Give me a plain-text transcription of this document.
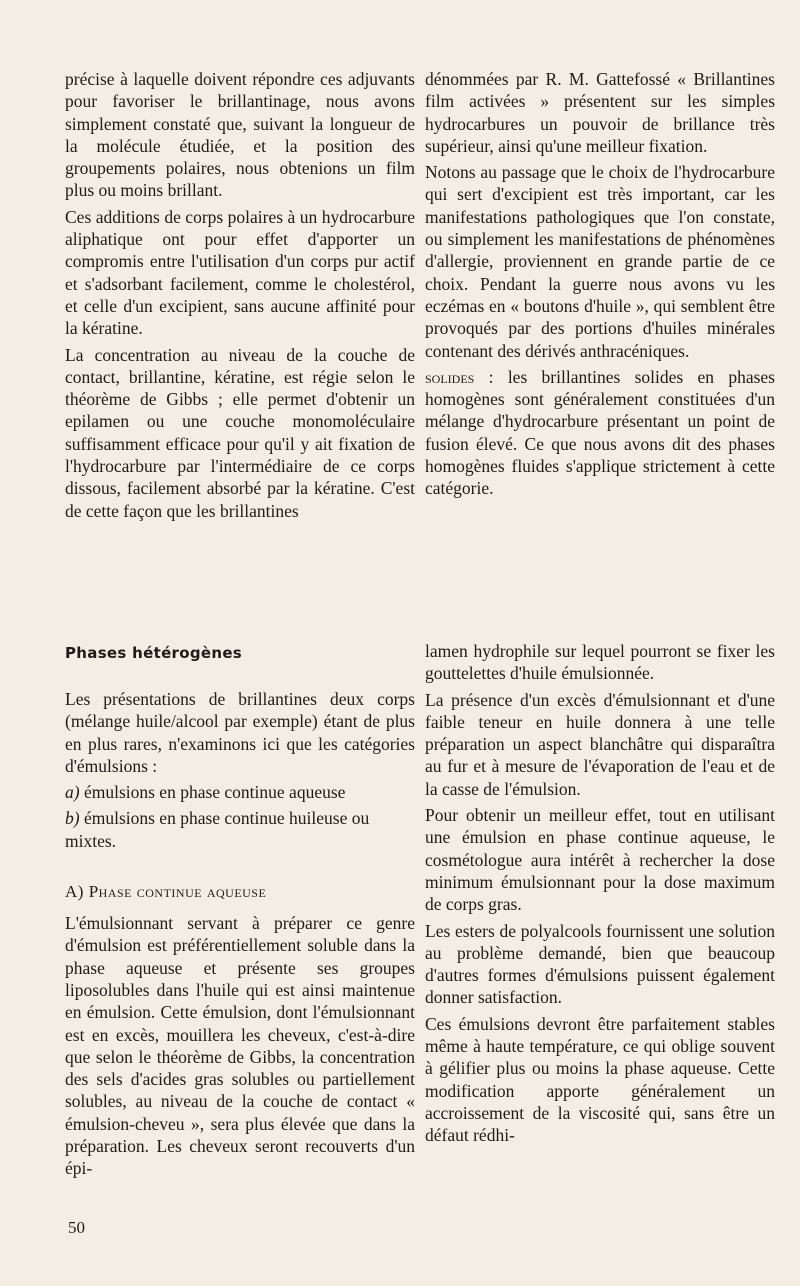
précise à laquelle doivent répondre ces adjuvants pour favoriser le brillantinage, nous avons simplement constaté que, suivant la longueur de la molécule étudiée, et la position des groupements polaires, nous obtenions un film plus ou moins brillant.

Ces additions de corps polaires à un hydrocarbure aliphatique ont pour effet d'apporter un compromis entre l'utilisation d'un corps pur actif et s'adsorbant facilement, comme le cholestérol, et celle d'un excipient, sans aucune affinité pour la kératine.

La concentration au niveau de la couche de contact, brillantine, kératine, est régie selon le théorème de Gibbs ; elle permet d'obtenir un epilamen ou une couche monomoléculaire suffisamment efficace pour qu'il y ait fixation de l'hydrocarbure par l'intermédiaire de ce corps dissous, facilement absorbé par la kératine. C'est de cette façon que les brillantines

dénommées par R. M. Gattefossé « Brillantines film activées » présentent sur les simples hydrocarbures un pouvoir de brillance très supérieur, ainsi qu'une meilleur fixation.

Notons au passage que le choix de l'hydrocarbure qui sert d'excipient est très important, car les manifestations pathologiques que l'on constate, ou simplement les manifestations de phénomènes d'allergie, proviennent en grande partie de ce choix. Pendant la guerre nous avons vu les eczémas en « boutons d'huile », qui semblent être provoqués par des portions d'huiles minérales contenant des dérivés anthracéniques.

solides : les brillantines solides en phases homogènes sont généralement constituées d'un mélange d'hydrocarbure présentant un point de fusion élevé. Ce que nous avons dit des phases homogènes fluides s'applique strictement à cette catégorie.

Phases hétérogènes

Les présentations de brillantines deux corps (mélange huile/alcool par exemple) étant de plus en plus rares, n'examinons ici que les catégories d'émulsions :

a) émulsions en phase continue aqueuse

b) émulsions en phase continue huileuse ou mixtes.

A) Phase continue aqueuse

L'émulsionnant servant à préparer ce genre d'émulsion est préférentiellement soluble dans la phase aqueuse et présente ses groupes liposolubles dans l'huile qui est ainsi maintenue en émulsion. Cette émulsion, dont l'émulsionnant est en excès, mouillera les cheveux, c'est-à-dire que selon le théorème de Gibbs, la concentration des sels d'acides gras solubles ou partiellement solubles, au niveau de la couche de contact « émulsion-cheveu », sera plus élevée que dans la préparation. Les cheveux seront recouverts d'un épi-

lamen hydrophile sur lequel pourront se fixer les gouttelettes d'huile émulsionnée.

La présence d'un excès d'émulsionnant et d'une faible teneur en huile donnera à une telle préparation un aspect blanchâtre qui disparaîtra au fur et à mesure de l'évaporation de l'eau et de la casse de l'émulsion.

Pour obtenir un meilleur effet, tout en utilisant une émulsion en phase continue aqueuse, le cosmétologue aura intérêt à rechercher la dose minimum émulsionnant pour la dose maximum de corps gras.

Les esters de polyalcools fournissent une solution au problème demandé, bien que beaucoup d'autres formes d'émulsions puissent également donner satisfaction.

Ces émulsions devront être parfaitement stables même à haute température, ce qui oblige souvent à gélifier plus ou moins la phase aqueuse. Cette modification apporte généralement un accroissement de la viscosité qui, sans être un défaut rédhi-

50
